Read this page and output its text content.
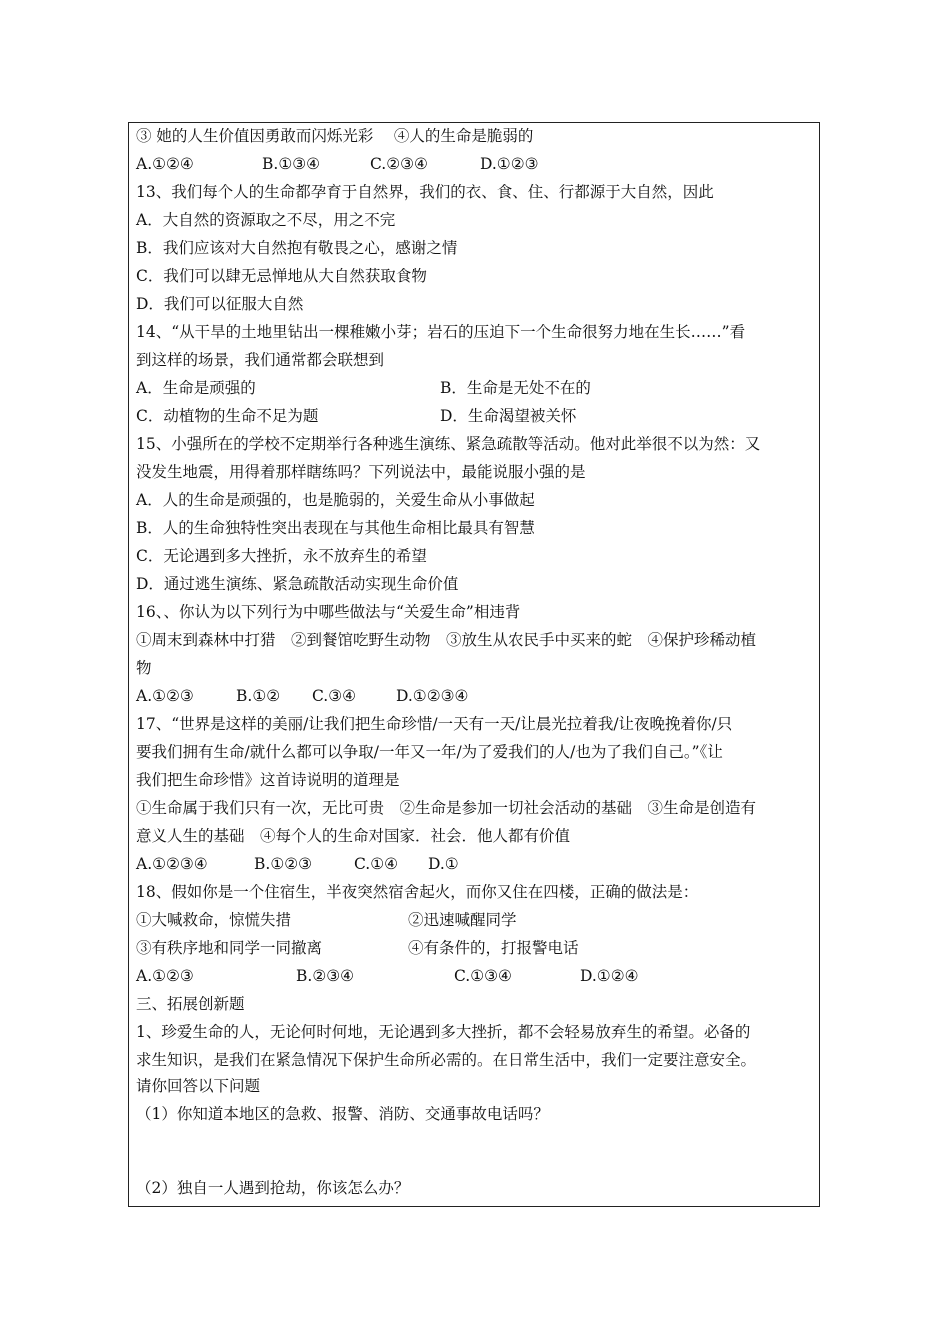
③ 她的人生价值因勇敢而闪烁光彩　 ④人的生命是脆弱的
A.①②④	B.①③④	C.②③④	D.①②③
13、我们每个人的生命都孕育于自然界，我们的衣、食、住、行都源于大自然，因此
A．大自然的资源取之不尽，用之不完
B．我们应该对大自然抱有敬畏之心，感谢之情
C．我们可以肆无忌惮地从大自然获取食物
D．我们可以征服大自然
14、“从干旱的土地里钻出一棵稚嫩小芽；岩石的压迫下一个生命很努力地在生长……”看
到这样的场景，我们通常都会联想到
A．生命是顽强的	B．生命是无处不在的
C．动植物的生命不足为题	D．生命渴望被关怀
15、小强所在的学校不定期举行各种逃生演练、紧急疏散等活动。他对此举很不以为然：又
没发生地震，用得着那样瞎练吗？下列说法中，最能说服小强的是
A．人的生命是顽强的，也是脆弱的，关爱生命从小事做起
B．人的生命独特性突出表现在与其他生命相比最具有智慧
C．无论遇到多大挫折，永不放弃生的希望
D．通过逃生演练、紧急疏散活动实现生命价值
16、、你认为以下列行为中哪些做法与“关爱生命”相违背
①周末到森林中打猎　②到餐馆吃野生动物　③放生从农民手中买来的蛇　④保护珍稀动植
物
A.①②③	B.①② C.③④	D.①②③④
17、“世界是这样的美丽/让我们把生命珍惜/一天有一天/让晨光拉着我/让夜晚挽着你/只
要我们拥有生命/就什么都可以争取/一年又一年/为了爱我们的人/也为了我们自己。”《让
我们把生命珍惜》这首诗说明的道理是
①生命属于我们只有一次，无比可贵　②生命是参加一切社会活动的基础　③生命是创造有
意义人生的基础　④每个人的生命对国家．社会．他人都有价值
A.①②③④	B.①②③	C.①④ D.①
18、假如你是一个住宿生，半夜突然宿舍起火，而你又住在四楼，正确的做法是：
①大喊救命，惊慌失措	②迅速喊醒同学
③有秩序地和同学一同撤离	④有条件的，打报警电话
A.①②③	B.②③④	C.①③④	D.①②④
三、拓展创新题
1、珍爱生命的人，无论何时何地，无论遇到多大挫折，都不会轻易放弃生的希望。必备的
求生知识，是我们在紧急情况下保护生命所必需的。在日常生活中，我们一定要注意安全。
请你回答以下问题
（1）你知道本地区的急救、报警、消防、交通事故电话吗？
（2）独自一人遇到抢劫，你该怎么办？
